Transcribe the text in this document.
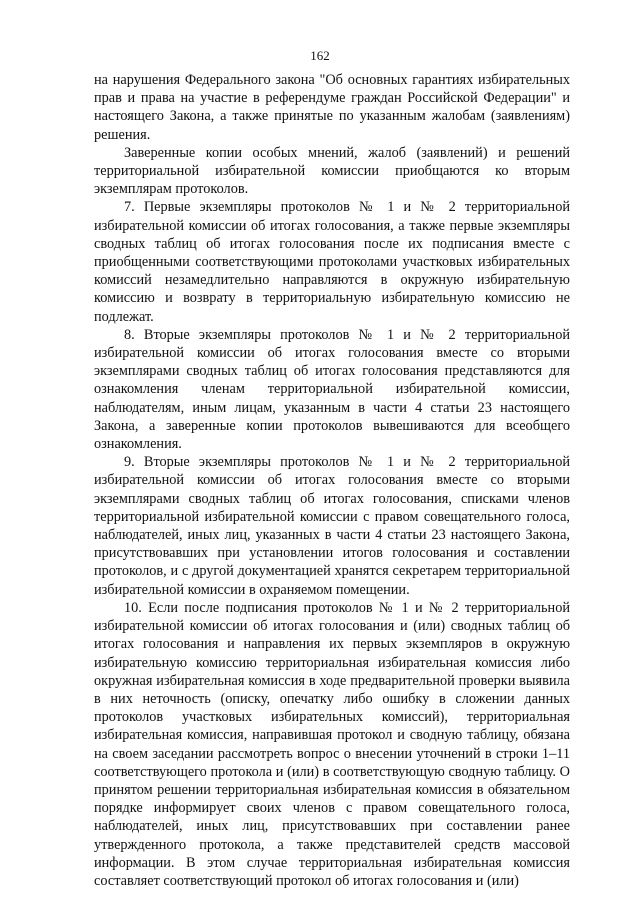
162

на нарушения Федерального закона "Об основных гарантиях избирательных прав и права на участие в референдуме граждан Российской Федерации" и настоящего Закона, а также принятые по указанным жалобам (заявлениям) решения.

Заверенные копии особых мнений, жалоб (заявлений) и решений территориальной избирательной комиссии приобщаются ко вторым экземплярам протоколов.

7. Первые экземпляры протоколов № 1 и № 2 территориальной избирательной комиссии об итогах голосования, а также первые экземпляры сводных таблиц об итогах голосования после их подписания вместе с приобщенными соответствующими протоколами участковых избирательных комиссий незамедлительно направляются в окружную избирательную комиссию и возврату в территориальную избирательную комиссию не подлежат.

8. Вторые экземпляры протоколов № 1 и № 2 территориальной избирательной комиссии об итогах голосования вместе со вторыми экземплярами сводных таблиц об итогах голосования представляются для ознакомления членам территориальной избирательной комиссии, наблюдателям, иным лицам, указанным в части 4 статьи 23 настоящего Закона, а заверенные копии протоколов вывешиваются для всеобщего ознакомления.

9. Вторые экземпляры протоколов № 1 и № 2 территориальной избирательной комиссии об итогах голосования вместе со вторыми экземплярами сводных таблиц об итогах голосования, списками членов территориальной избирательной комиссии с правом совещательного голоса, наблюдателей, иных лиц, указанных в части 4 статьи 23 настоящего Закона, присутствовавших при установлении итогов голосования и составлении протоколов, и с другой документацией хранятся секретарем территориальной избирательной комиссии в охраняемом помещении.

10. Если после подписания протоколов № 1 и № 2 территориальной избирательной комиссии об итогах голосования и (или) сводных таблиц об итогах голосования и направления их первых экземпляров в окружную избирательную комиссию территориальная избирательная комиссия либо окружная избирательная комиссия в ходе предварительной проверки выявила в них неточность (описку, опечатку либо ошибку в сложении данных протоколов участковых избирательных комиссий), территориальная избирательная комиссия, направившая протокол и сводную таблицу, обязана на своем заседании рассмотреть вопрос о внесении уточнений в строки 1–11 соответствующего протокола и (или) в соответствующую сводную таблицу. О принятом решении территориальная избирательная комиссия в обязательном порядке информирует своих членов с правом совещательного голоса, наблюдателей, иных лиц, присутствовавших при составлении ранее утвержденного протокола, а также представителей средств массовой информации. В этом случае территориальная избирательная комиссия составляет соответствующий протокол об итогах голосования и (или)
